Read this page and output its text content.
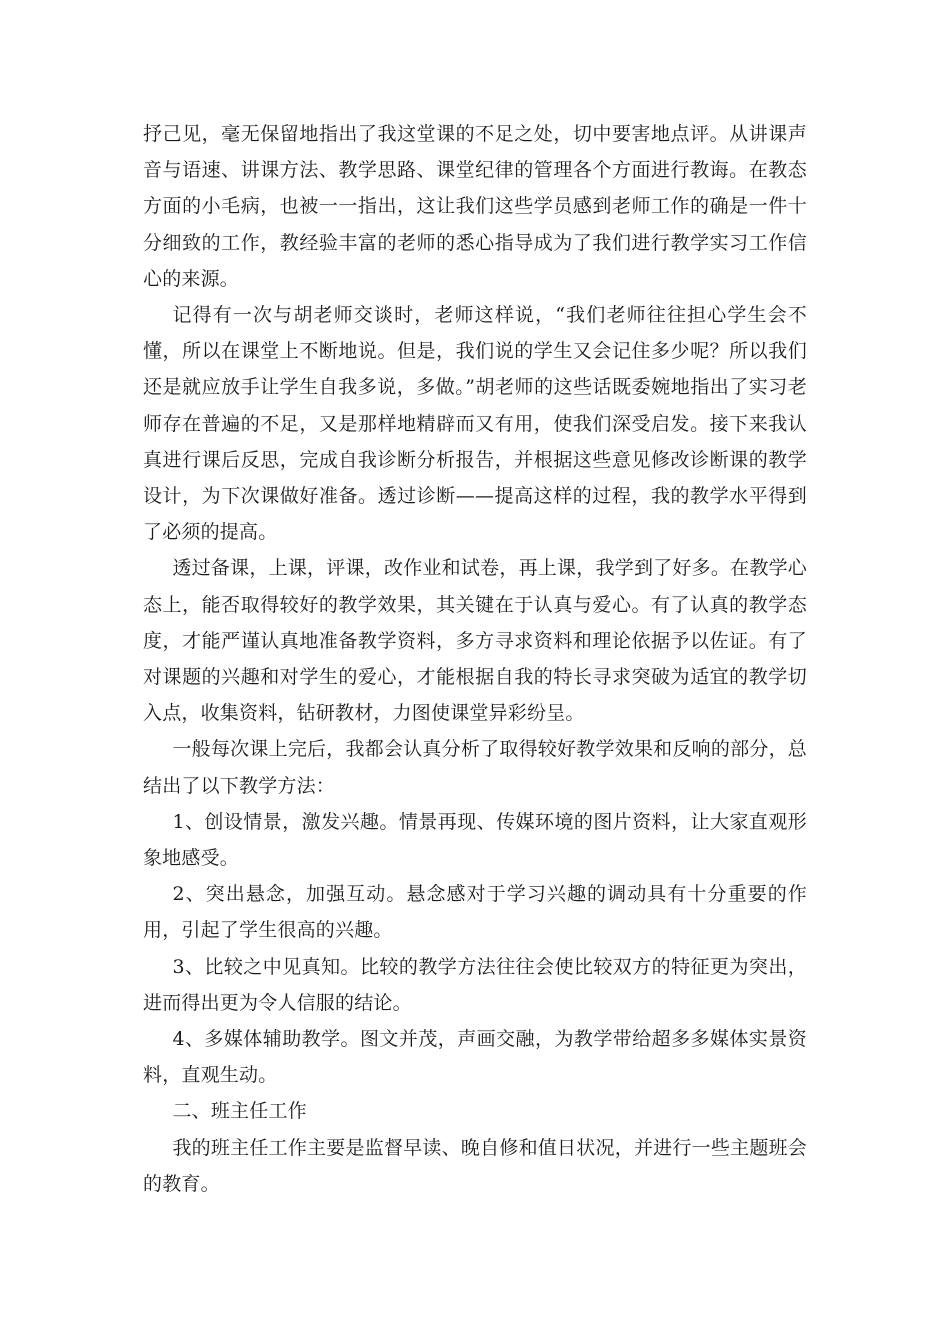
抒己见，毫无保留地指出了我这堂课的不足之处，切中要害地点评。从讲课声音与语速、讲课方法、教学思路、课堂纪律的管理各个方面进行教诲。在教态方面的小毛病，也被一一指出，这让我们这些学员感到老师工作的确是一件十分细致的工作，教经验丰富的老师的悉心指导成为了我们进行教学实习工作信心的来源。

记得有一次与胡老师交谈时，老师这样说，“我们老师往往担心学生会不懂，所以在课堂上不断地说。但是，我们说的学生又会记住多少呢？所以我们还是就应放手让学生自我多说，多做。”胡老师的这些话既委婉地指出了实习老师存在普遍的不足，又是那样地精辟而又有用，使我们深受启发。接下来我认真进行课后反思，完成自我诊断分析报告，并根据这些意见修改诊断课的教学设计，为下次课做好准备。透过诊断——提高这样的过程，我的教学水平得到了必须的提高。

透过备课，上课，评课，改作业和试卷，再上课，我学到了好多。在教学心态上，能否取得较好的教学效果，其关键在于认真与爱心。有了认真的教学态度，才能严谨认真地准备教学资料，多方寻求资料和理论依据予以佐证。有了对课题的兴趣和对学生的爱心，才能根据自我的特长寻求突破为适宜的教学切入点，收集资料，钻研教材，力图使课堂异彩纷呈。

一般每次课上完后，我都会认真分析了取得较好教学效果和反响的部分，总结出了以下教学方法：

1、创设情景，激发兴趣。情景再现、传媒环境的图片资料，让大家直观形象地感受。

2、突出悬念，加强互动。悬念感对于学习兴趣的调动具有十分重要的作用，引起了学生很高的兴趣。

3、比较之中见真知。比较的教学方法往往会使比较双方的特征更为突出，进而得出更为令人信服的结论。

4、多媒体辅助教学。图文并茂，声画交融，为教学带给超多多媒体实景资料，直观生动。

二、班主任工作

我的班主任工作主要是监督早读、晚自修和值日状况，并进行一些主题班会的教育。
